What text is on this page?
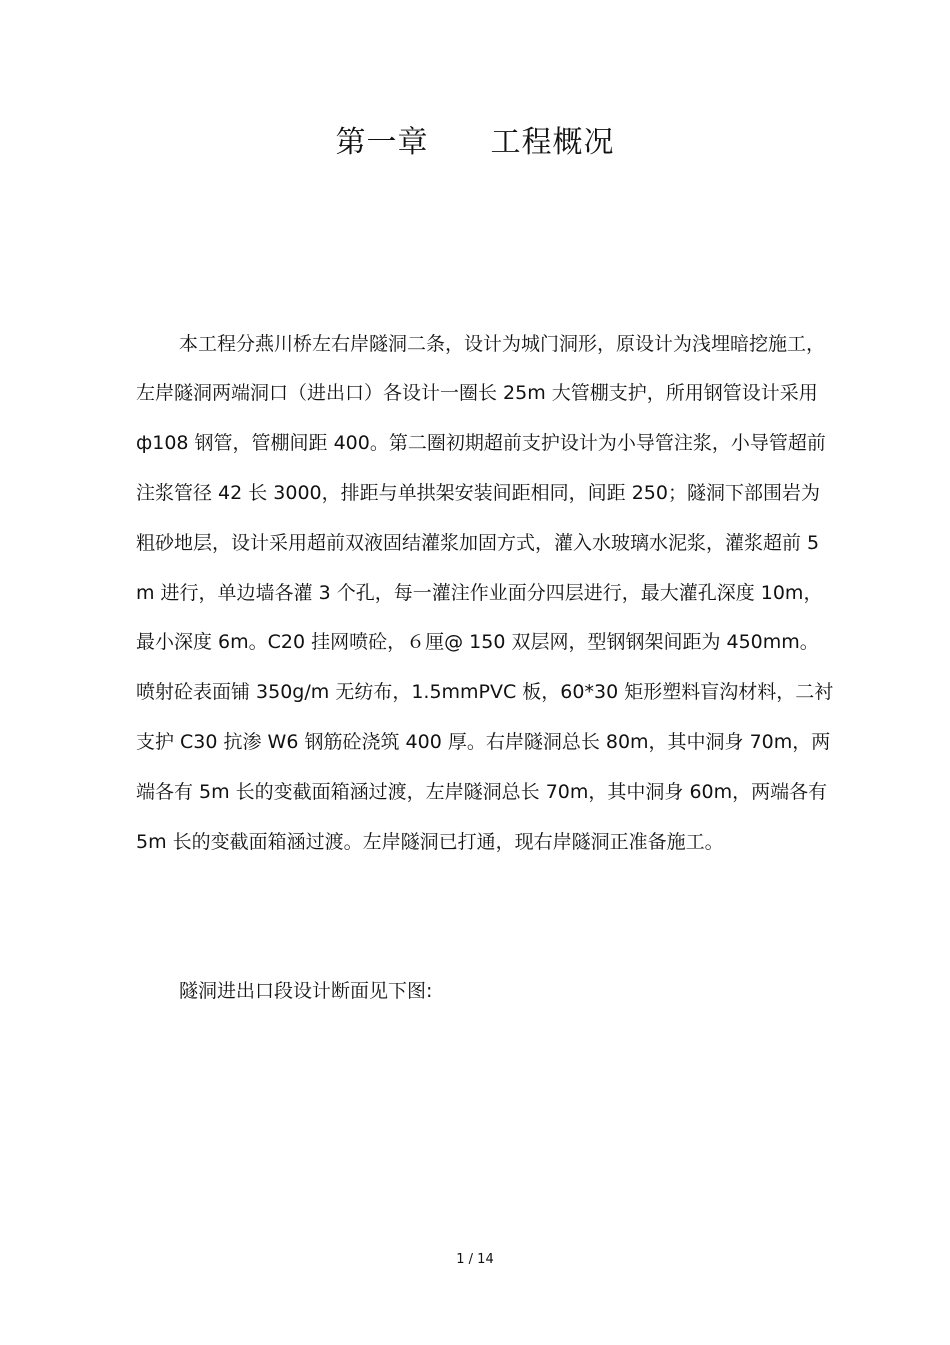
第一章　　工程概况

本工程分燕川桥左右岸隧洞二条，设计为城门洞形，原设计为浅埋暗挖施工，左岸隧洞两端洞口（进出口）各设计一圈长 25m 大管棚支护，所用钢管设计采用 ф108 钢管，管棚间距 400。第二圈初期超前支护设计为小导管注浆，小导管超前注浆管径 42 长 3000，排距与单拱架安装间距相同，间距 250；隧洞下部围岩为粗砂地层，设计采用超前双液固结灌浆加固方式，灌入水玻璃水泥浆，灌浆超前 5m 进行，单边墙各灌 3 个孔，每一灌注作业面分四层进行，最大灌孔深度 10m，最小深度 6m。C20 挂网喷砼，６厘@ 150 双层网，型钢钢架间距为 450mm。喷射砼表面铺 350g/m 无纺布，1.5mmPVC 板，60*30 矩形塑料盲沟材料，二衬支护 C30 抗渗 W6 钢筋砼浇筑 400 厚。右岸隧洞总长 80m，其中洞身 70m，两端各有 5m 长的变截面箱涵过渡，左岸隧洞总长 70m，其中洞身 60m，两端各有 5m 长的变截面箱涵过渡。左岸隧洞已打通，现右岸隧洞正准备施工。

隧洞进出口段设计断面见下图:

1 / 14
